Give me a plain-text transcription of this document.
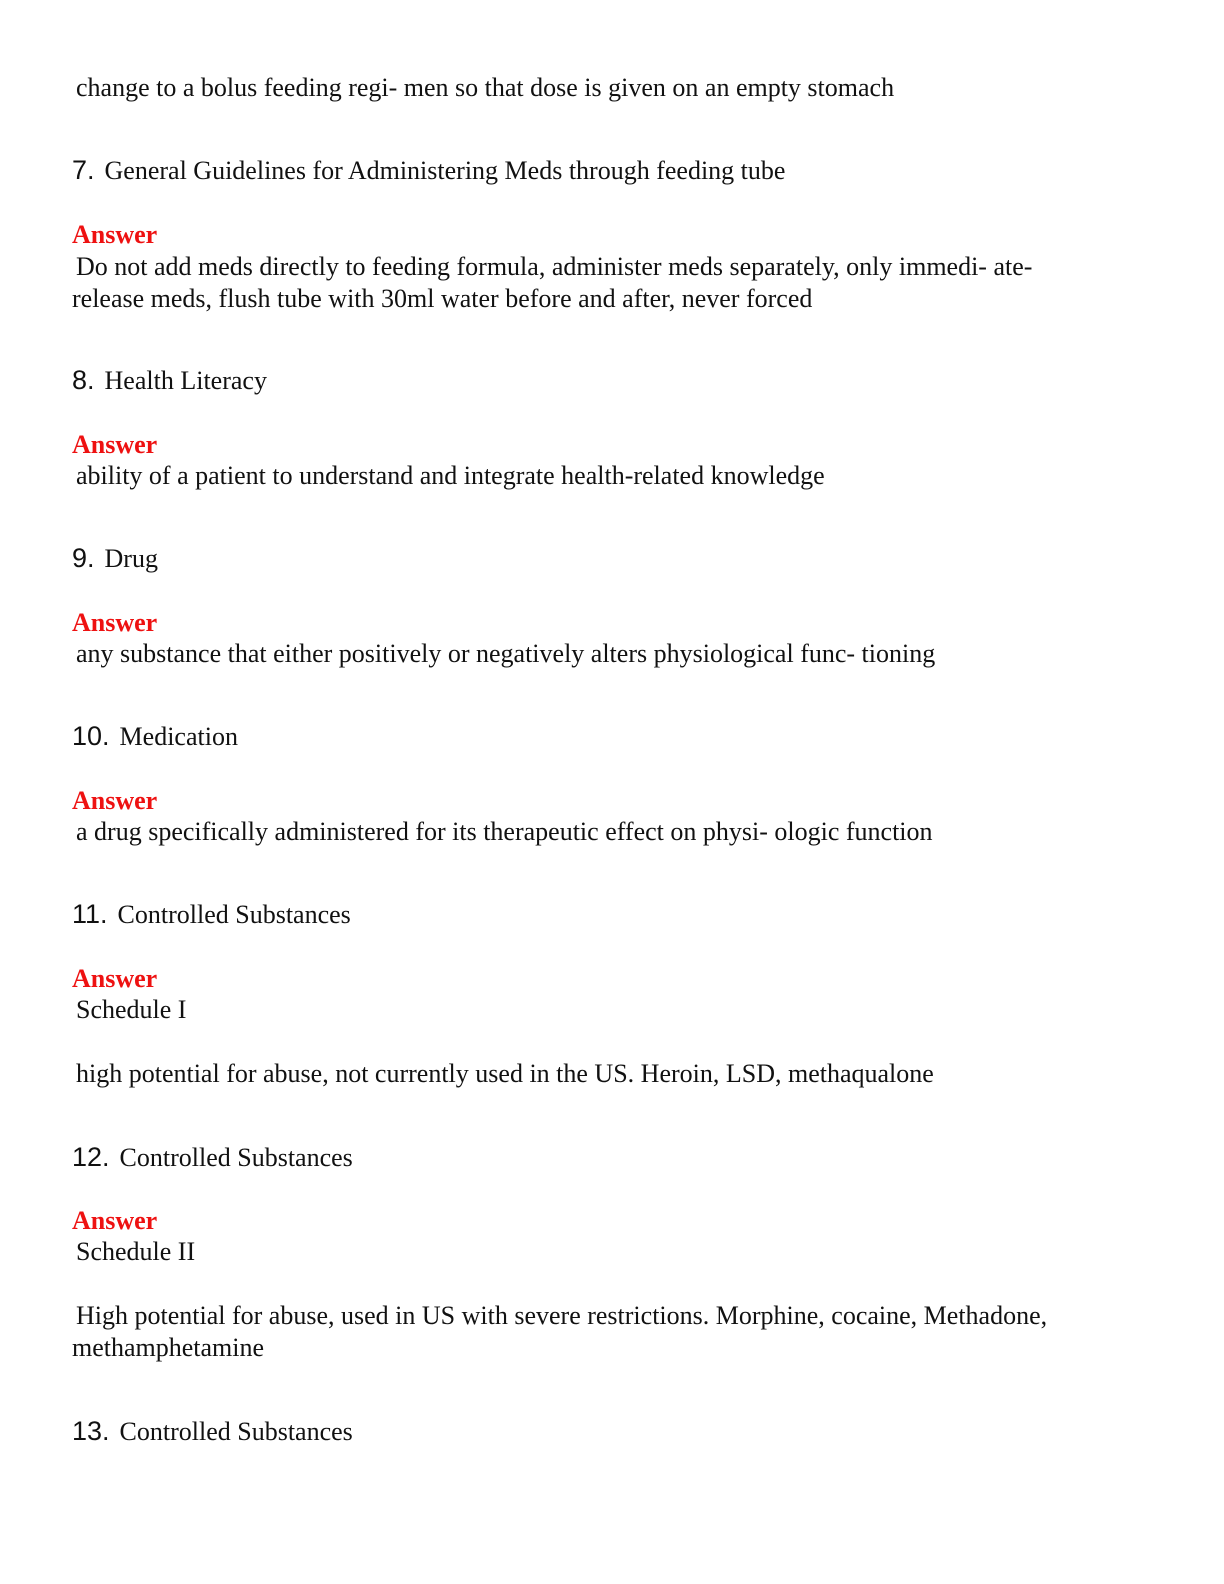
change to a bolus feeding regi- men so that dose is given on an empty stomach
7. General Guidelines for Administering Meds through feeding tube
Answer
Do not add meds directly to feeding formula, administer meds separately, only immedi- ate-
release meds, flush tube with 30ml water before and after, never forced
8. Health Literacy
Answer
ability of a patient to understand and integrate health-related knowledge
9. Drug
Answer
any substance that either positively or negatively alters physiological func- tioning
10. Medication
Answer
a drug specifically administered for its therapeutic effect on physi- ologic function
11. Controlled Substances
Answer
Schedule I
high potential for abuse, not currently used in the US. Heroin, LSD, methaqualone
12. Controlled Substances
Answer
Schedule II
High potential for abuse, used in US with severe restrictions. Morphine, cocaine, Methadone,
methamphetamine
13. Controlled Substances
